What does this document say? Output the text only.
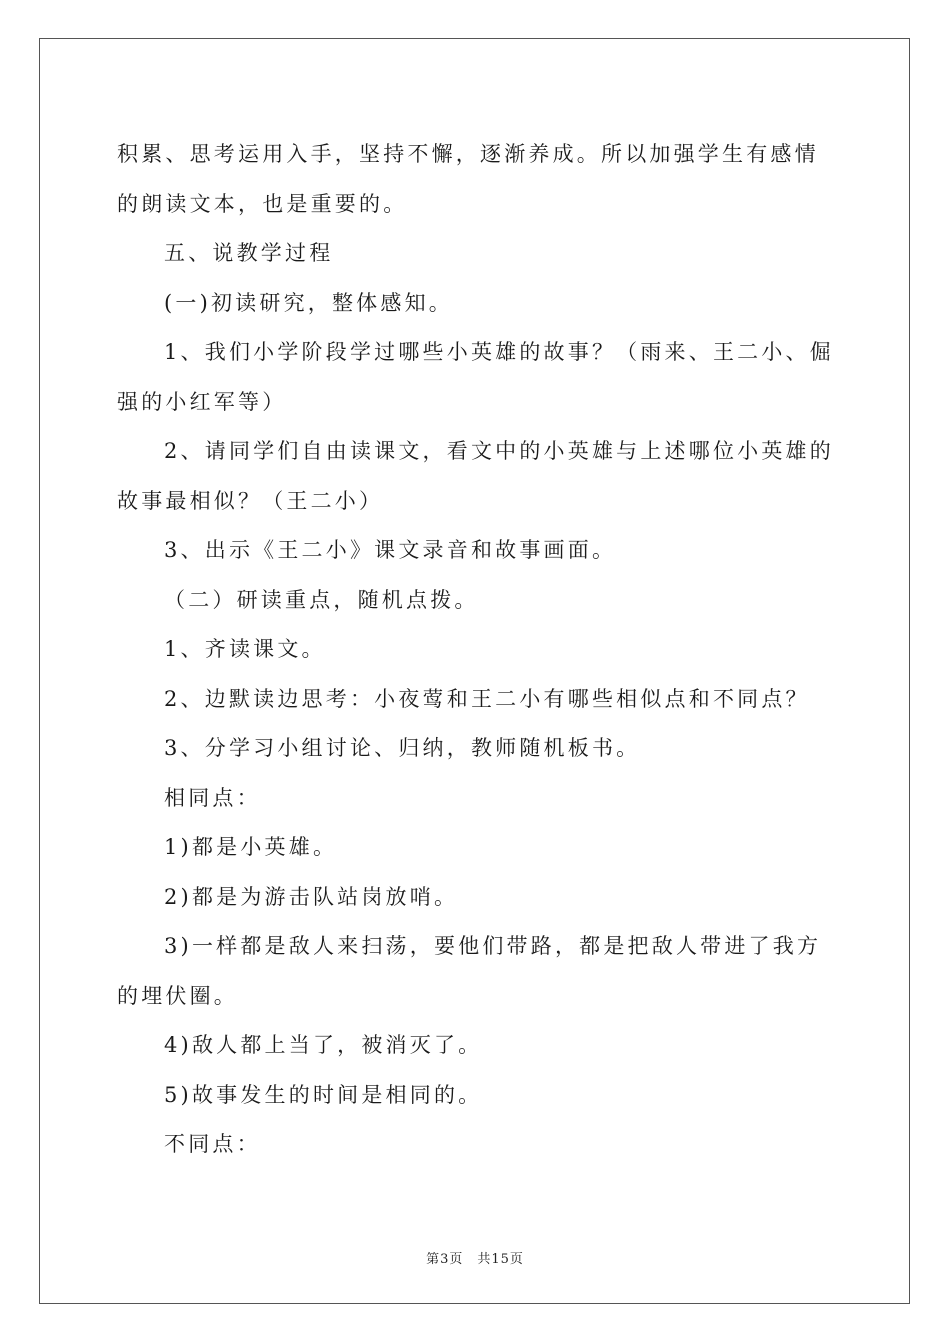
积累、思考运用入手，坚持不懈，逐渐养成。所以加强学生有感情的朗读文本，也是重要的。

五、说教学过程

(一)初读研究，整体感知。

1、我们小学阶段学过哪些小英雄的故事？（雨来、王二小、倔强的小红军等）

2、请同学们自由读课文，看文中的小英雄与上述哪位小英雄的故事最相似？（王二小）

3、出示《王二小》课文录音和故事画面。

（二）研读重点，随机点拨。

1、齐读课文。

2、边默读边思考：小夜莺和王二小有哪些相似点和不同点？

3、分学习小组讨论、归纳，教师随机板书。

相同点：

1)都是小英雄。

2)都是为游击队站岗放哨。

3)一样都是敌人来扫荡，要他们带路，都是把敌人带进了我方的埋伏圈。

4)敌人都上当了，被消灭了。

5)故事发生的时间是相同的。

不同点：

第3页　共15页
